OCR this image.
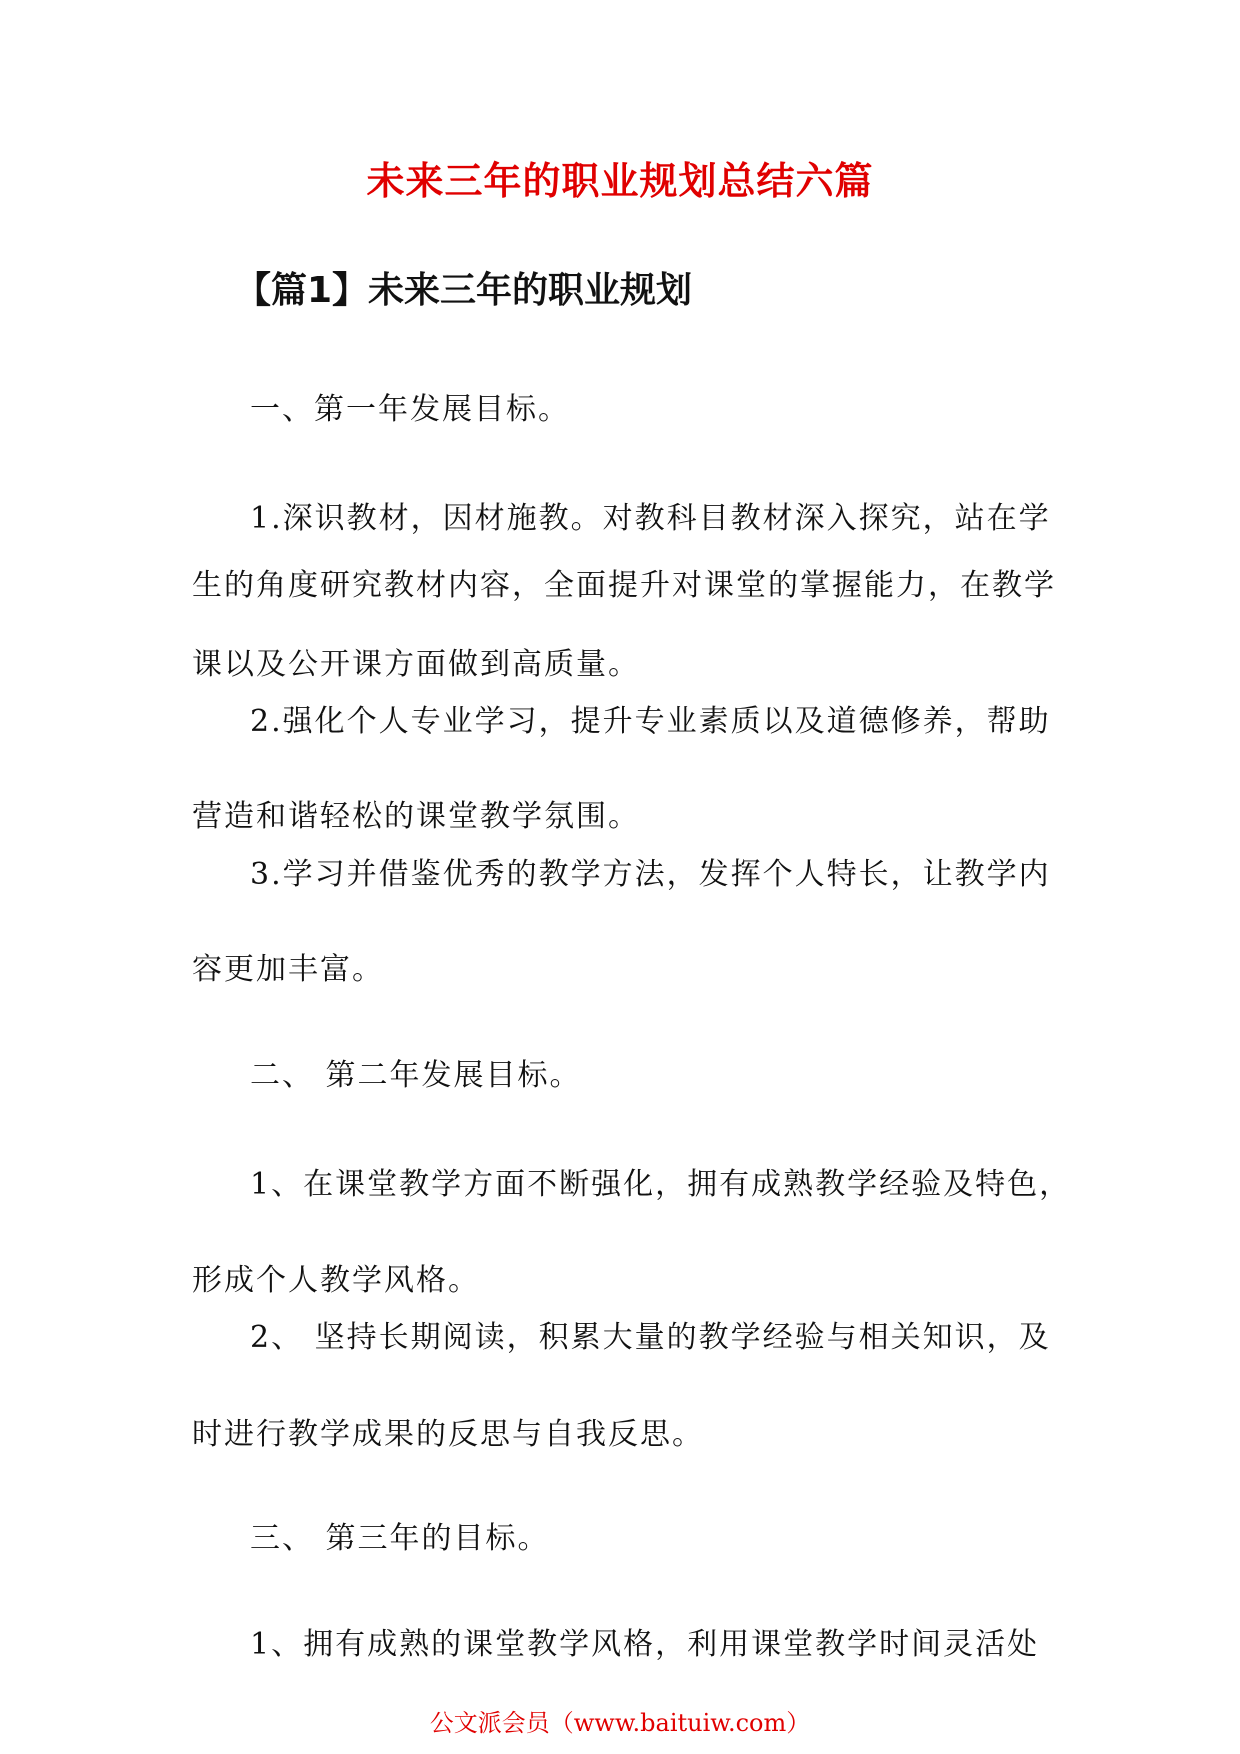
未来三年的职业规划总结六篇
【篇1】未来三年的职业规划
一、第一年发展目标。
1.深识教材，因材施教。对教科目教材深入探究，站在学
生的角度研究教材内容，全面提升对课堂的掌握能力，在教学
课以及公开课方面做到高质量。
2.强化个人专业学习，提升专业素质以及道德修养，帮助
营造和谐轻松的课堂教学氛围。
3.学习并借鉴优秀的教学方法，发挥个人特长，让教学内
容更加丰富。
二、 第二年发展目标。
1、在课堂教学方面不断强化，拥有成熟教学经验及特色，
形成个人教学风格。
2、 坚持长期阅读，积累大量的教学经验与相关知识，及
时进行教学成果的反思与自我反思。
三、 第三年的目标。
1、拥有成熟的课堂教学风格，利用课堂教学时间灵活处
公文派会员（www.baituiw.com）
